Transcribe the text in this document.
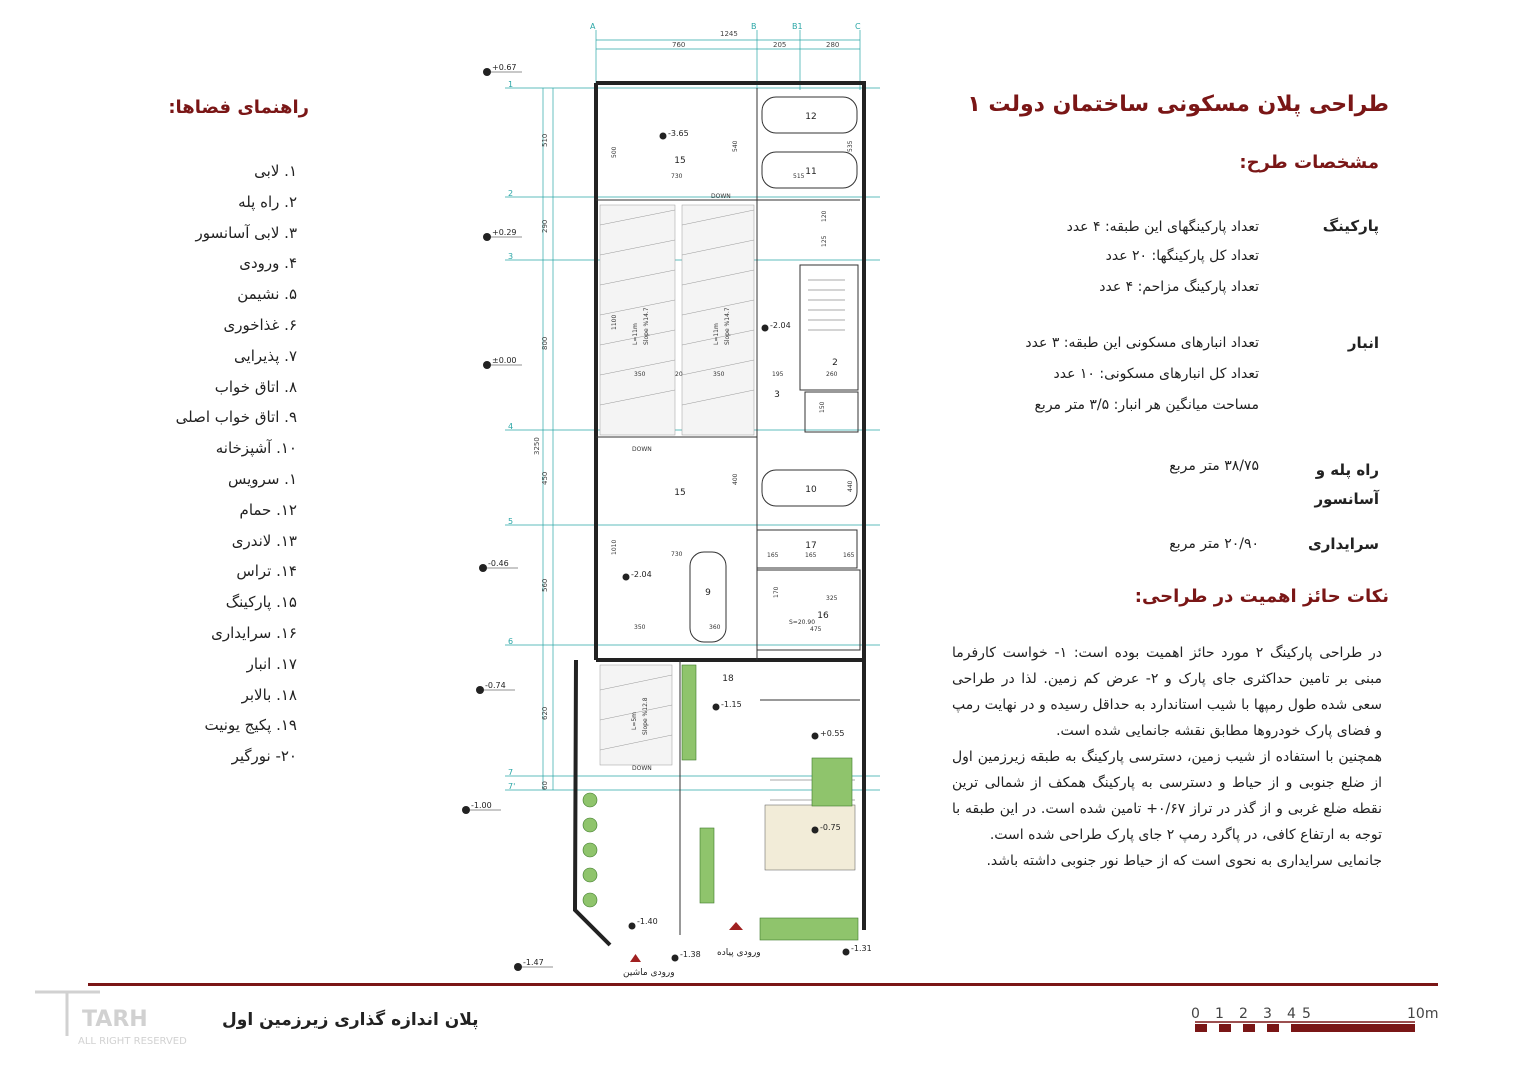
طراحی پلان مسکونی ساختمان دولت ۱
مشخصات طرح:
پارکینگ
تعداد پارکینگهای این طبقه: ۴ عدد
تعداد کل پارکینگها: ۲۰ عدد
تعداد پارکینگ مزاحم: ۴ عدد
انبار
تعداد انبارهای مسکونی این طبقه: ۳ عدد
تعداد کل انبارهای مسکونی: ۱۰ عدد
مساحت میانگین هر انبار: ۳/۵ متر مربع
راه پله و آسانسور
۳۸/۷۵ متر مربع
سرایداری
۲۰/۹۰ متر مربع
نکات حائز اهمیت در طراحی:

در طراحی پارکینگ ۲ مورد حائز اهمیت بوده است: ۱- خواست کارفرما مبنی بر تامین حداکثری جای پارک و ۲- عرض کم زمین. لذا در طراحی سعی شده طول رمپها با شیب استاندارد به حداقل رسیده و در نهایت رمپ و فضای پارک خودروها مطابق نقشه جانمایی شده است.

همچنین با استفاده از شیب زمین، دسترسی پارکینگ به طبقه زیرزمین اول از ضلع جنوبی و از حیاط و دسترسی به پارکینگ همکف از شمالی ترین نقطه ضلع غربی و از گذر در تراز ۰/۶۷+ تامین شده است. در این طبقه با توجه به ارتفاع کافی، در پاگرد رمپ ۲ جای پارک طراحی شده است.

جانمایی سرایداری به نحوی است که از حیاط نور جنوبی داشته باشد.

راهنمای فضاها:
۱. لابی
۲. راه پله
۳. لابی آسانسور
۴. ورودی
۵. نشیمن
۶. غذاخوری
۷. پذیرایی
۸. اتاق خواب
۹. اتاق خواب اصلی
۱۰. آشپزخانه
۱. سرویس
۱۲. حمام
۱۳. لاندری
۱۴. تراس
۱۵. پارکینگ
۱۶. سرایداری
۱۷. انبار
۱۸. بالابر
۱۹. پکیج یونیت
۲۰- نورگیر
A	B	B1	C
1
2
3
4
5
6
7
7'
1245
760	205	280
510
290
800
450
560
620
60
3250
12
11
10
9
15
15
3
2
17
16
18
DOWN
DOWN
DOWN
L=11m Slope %14.7	L=11m Slope %14.7
L=5m Slope %12.8
S=20.90
500
730
540	535
515
1100
350	20	350	195	260
400
440
1010	730	165	165	165
170
325
475
350	360
150
125
120
+0.67
+0.29
±0.00
-0.46
-0.74
-1.00
-1.47
-3.65
-2.04
-2.04
-1.15
+0.55
-0.75
-1.40
-1.38
-1.31
ورودی ماشین
ورودی پیاده
TARH
ALL RIGHT RESERVED
پلان اندازه گذاری زیرزمین اول	0 1 2 3 4 5	10m
